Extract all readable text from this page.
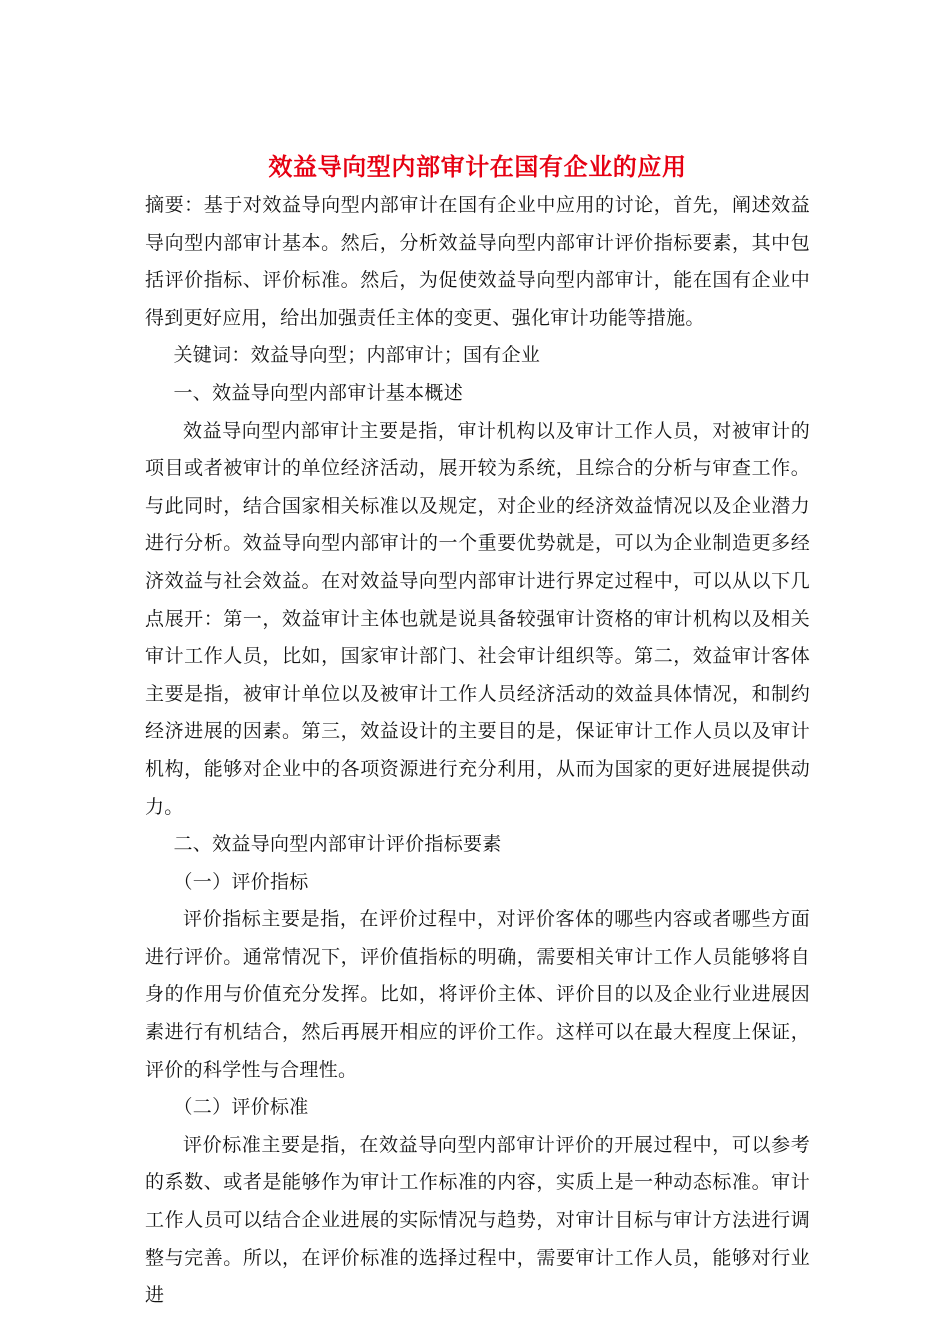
效益导向型内部审计在国有企业的应用

摘要：基于对效益导向型内部审计在国有企业中应用的讨论，首先，阐述效益导向型内部审计基本。然后，分析效益导向型内部审计评价指标要素，其中包括评价指标、评价标准。然后，为促使效益导向型内部审计，能在国有企业中得到更好应用，给出加强责任主体的变更、强化审计功能等措施。

关键词：效益导向型；内部审计；国有企业

一、效益导向型内部审计基本概述

效益导向型内部审计主要是指，审计机构以及审计工作人员，对被审计的项目或者被审计的单位经济活动，展开较为系统，且综合的分析与审查工作。与此同时，结合国家相关标准以及规定，对企业的经济效益情况以及企业潜力进行分析。效益导向型内部审计的一个重要优势就是，可以为企业制造更多经济效益与社会效益。在对效益导向型内部审计进行界定过程中，可以从以下几点展开：第一，效益审计主体也就是说具备较强审计资格的审计机构以及相关审计工作人员，比如，国家审计部门、社会审计组织等。第二，效益审计客体主要是指，被审计单位以及被审计工作人员经济活动的效益具体情况，和制约经济进展的因素。第三，效益设计的主要目的是，保证审计工作人员以及审计机构，能够对企业中的各项资源进行充分利用，从而为国家的更好进展提供动力。

二、效益导向型内部审计评价指标要素

（一）评价指标

评价指标主要是指，在评价过程中，对评价客体的哪些内容或者哪些方面进行评价。通常情况下，评价值指标的明确，需要相关审计工作人员能够将自身的作用与价值充分发挥。比如，将评价主体、评价目的以及企业行业进展因素进行有机结合，然后再展开相应的评价工作。这样可以在最大程度上保证，评价的科学性与合理性。

（二）评价标准

评价标准主要是指，在效益导向型内部审计评价的开展过程中，可以参考的系数、或者是能够作为审计工作标准的内容，实质上是一种动态标准。审计工作人员可以结合企业进展的实际情况与趋势，对审计目标与审计方法进行调整与完善。所以，在评价标准的选择过程中，需要审计工作人员，能够对行业进
